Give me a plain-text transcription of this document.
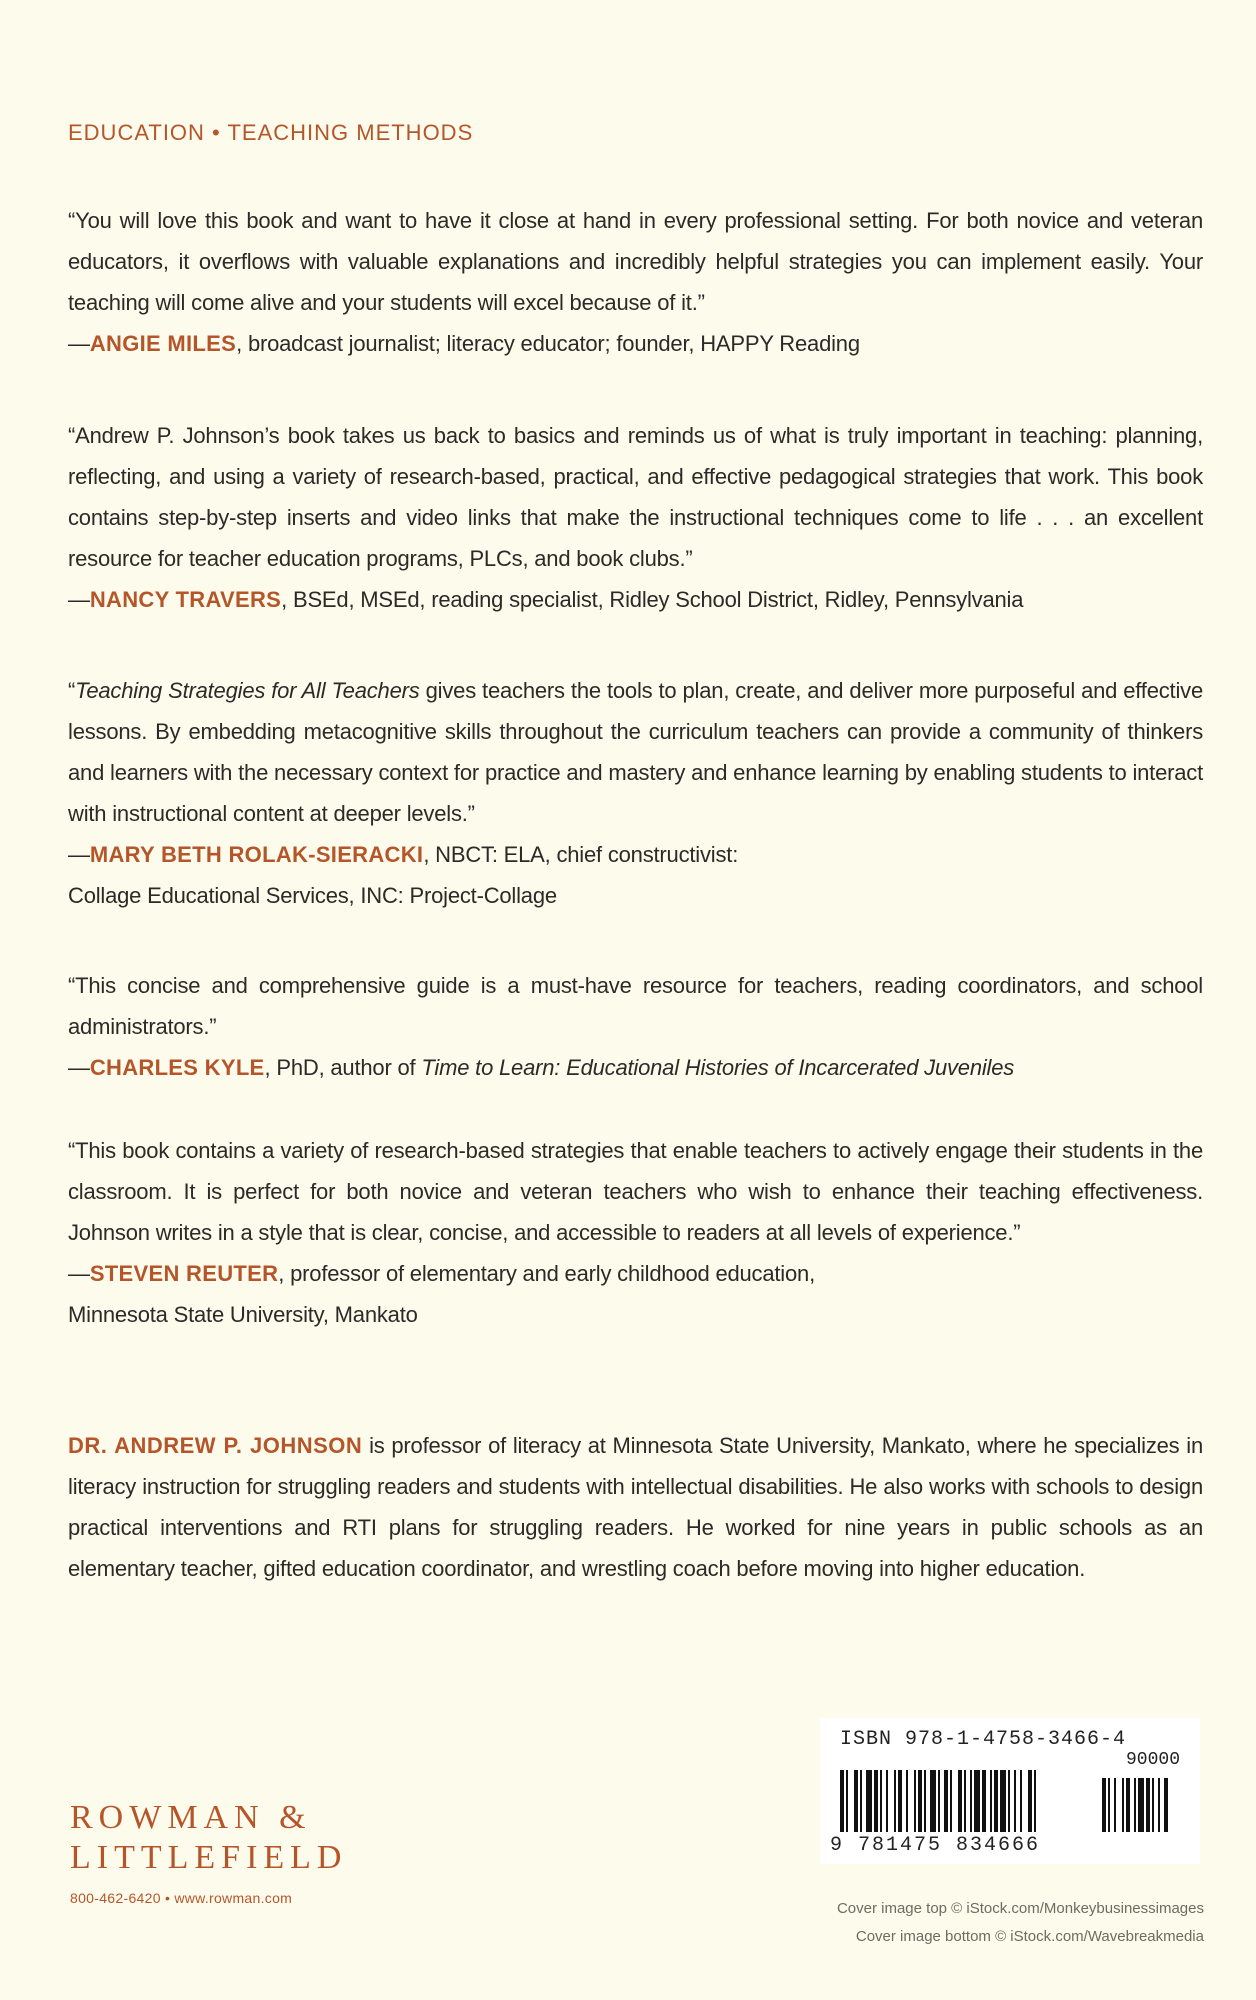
EDUCATION • TEACHING METHODS

“You will love this book and want to have it close at hand in every professional setting. For both novice and veteran educators, it overflows with valuable explanations and incredibly helpful strategies you can implement easily. Your teaching will come alive and your students will excel because of it.”

—ANGIE MILES, broadcast journalist; literacy educator; founder, HAPPY Reading

“Andrew P. Johnson’s book takes us back to basics and reminds us of what is truly important in teaching: planning, reflecting, and using a variety of research-based, practical, and effective pedagogical strategies that work. This book contains step-by-step inserts and video links that make the instructional techniques come to life . . . an excellent resource for teacher education programs, PLCs, and book clubs.”

—NANCY TRAVERS, BSEd, MSEd, reading specialist, Ridley School District, Ridley, Pennsylvania

“Teaching Strategies for All Teachers gives teachers the tools to plan, create, and deliver more purposeful and effective lessons. By embedding metacognitive skills throughout the curriculum teachers can provide a community of thinkers and learners with the necessary context for practice and mastery and enhance learning by enabling students to interact with instructional content at deeper levels.”

—MARY BETH ROLAK-SIERACKI, NBCT: ELA, chief constructivist:

Collage Educational Services, INC: Project-Collage

“This concise and comprehensive guide is a must-have resource for teachers, reading coordinators, and school administrators.”

—CHARLES KYLE, PhD, author of Time to Learn: Educational Histories of Incarcerated Juveniles

“This book contains a variety of research-based strategies that enable teachers to actively engage their students in the classroom. It is perfect for both novice and veteran teachers who wish to enhance their teaching effectiveness. Johnson writes in a style that is clear, concise, and accessible to readers at all levels of experience.”

—STEVEN REUTER, professor of elementary and early childhood education,

Minnesota State University, Mankato

DR. ANDREW P. JOHNSON is professor of literacy at Minnesota State University, Mankato, where he specializes in literacy instruction for struggling readers and students with intellectual disabilities. He also works with schools to design practical interventions and RTI plans for struggling readers. He worked for nine years in public schools as an elementary teacher, gifted education coordinator, and wrestling coach before moving into higher education.

ROWMAN &
LITTLEFIELD
800-462-6420 • www.rowman.com
ISBN 978-1-4758-3466-4
90000
9 781475 834666
Cover image top © iStock.com/Monkeybusinessimages
Cover image bottom © iStock.com/Wavebreakmedia
